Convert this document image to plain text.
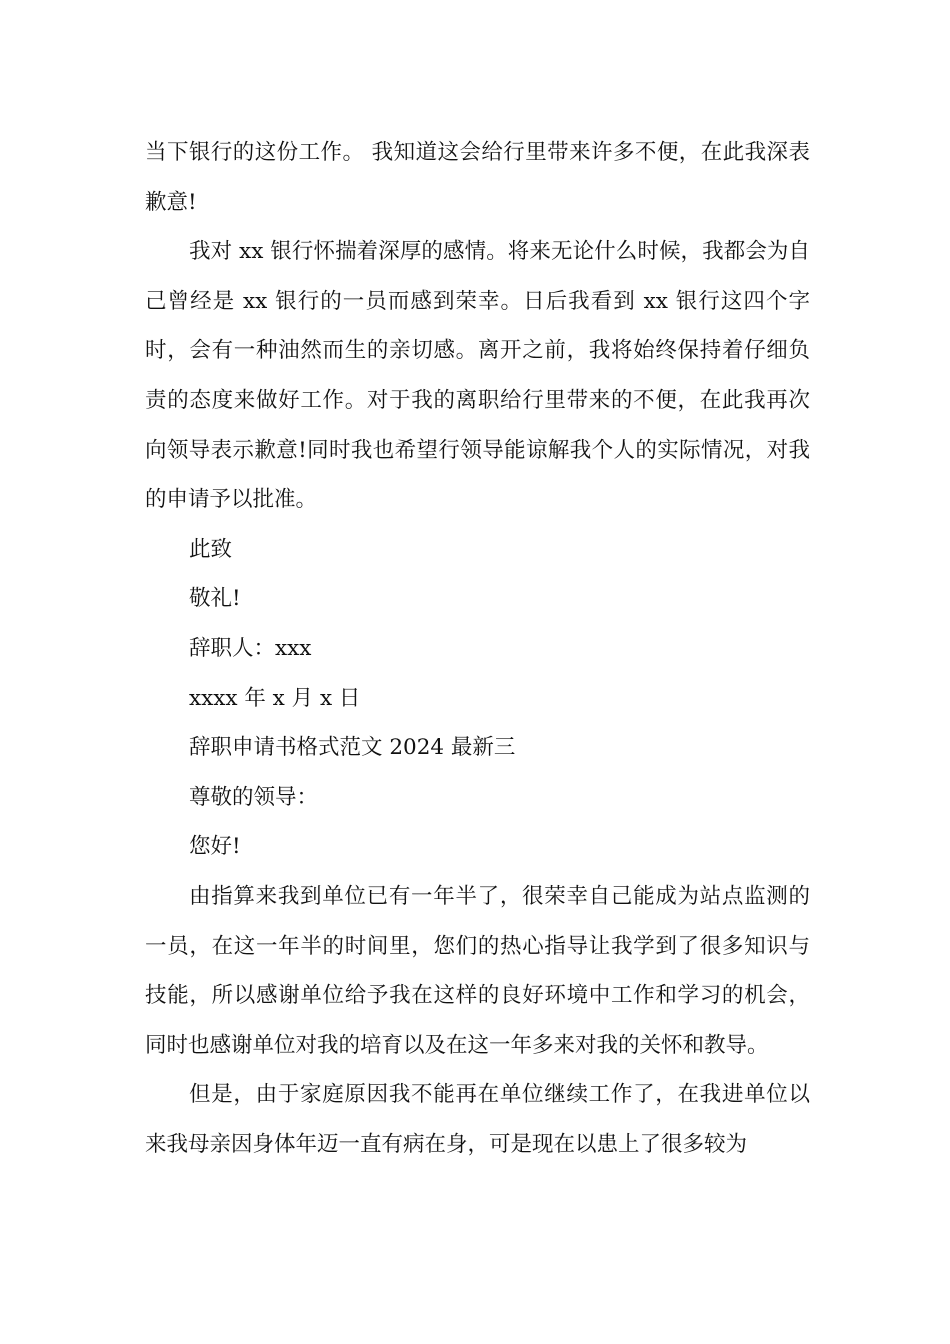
当下银行的这份工作。 我知道这会给行里带来许多不便，在此我深表歉意!

我对 xx 银行怀揣着深厚的感情。将来无论什么时候，我都会为自己曾经是 xx 银行的一员而感到荣幸。日后我看到 xx 银行这四个字时，会有一种油然而生的亲切感。离开之前，我将始终保持着仔细负责的态度来做好工作。对于我的离职给行里带来的不便，在此我再次向领导表示歉意!同时我也希望行领导能谅解我个人的实际情况，对我的申请予以批准。

此致

敬礼!

辞职人：xxx

xxxx 年 x 月 x 日

辞职申请书格式范文 2024 最新三

尊敬的领导：

您好!

由指算来我到单位已有一年半了，很荣幸自己能成为站点监测的一员，在这一年半的时间里，您们的热心指导让我学到了很多知识与技能，所以感谢单位给予我在这样的良好环境中工作和学习的机会，同时也感谢单位对我的培育以及在这一年多来对我的关怀和教导。

但是，由于家庭原因我不能再在单位继续工作了，在我进单位以来我母亲因身体年迈一直有病在身，可是现在以患上了很多较为
